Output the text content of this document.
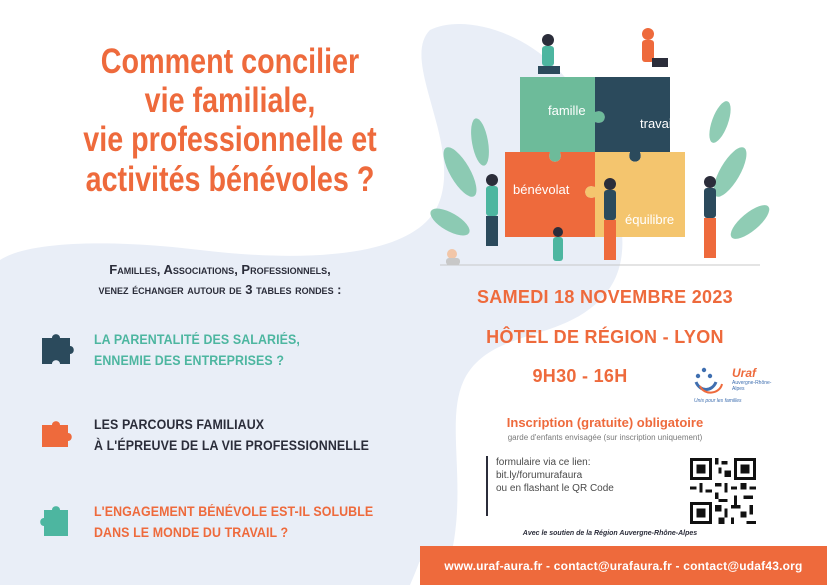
Comment concilier
vie familiale,
vie professionnelle et
activités bénévoles ?
Familles, Associations, Professionnels,
venez échanger autour de 3 tables rondes :
LA PARENTALITÉ DES SALARIÉS,
ENNEMIE DES ENTREPRISES ?
LES PARCOURS FAMILIAUX
À L'ÉPREUVE DE LA VIE PROFESSIONNELLE
L'ENGAGEMENT BÉNÉVOLE EST-IL SOLUBLE
DANS LE MONDE DU TRAVAIL ?
famille
travail
bénévolat
équilibre
SAMEDI 18 NOVEMBRE 2023
HÔTEL DE RÉGION - LYON
9H30 - 16H	Uraf
Auvergne-Rhône-Alpes
Unis pour les familles
Inscription (gratuite) obligatoire
garde d'enfants envisagée (sur inscription uniquement)
formulaire via ce lien:
bit.ly/forumurafaura
ou en flashant le QR Code
Avec le soutien de la Région Auvergne-Rhône-Alpes
www.uraf-aura.fr - contact@urafaura.fr - contact@udaf43.org
